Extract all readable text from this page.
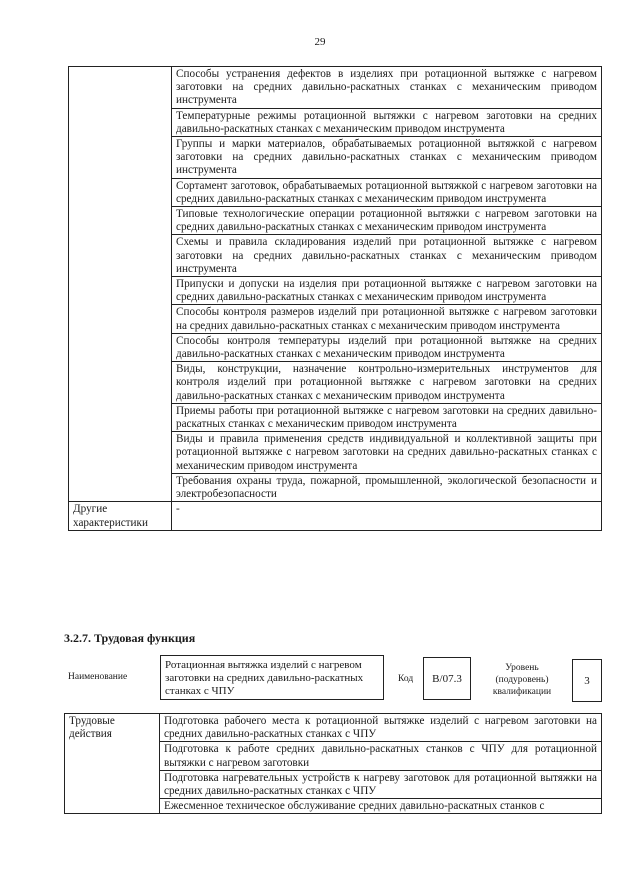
29
	Способы устранения дефектов в изделиях при ротационной вытяжке с нагревом заготовки на средних давильно-раскатных станках с механическим приводом инструмента
	Температурные режимы ротационной вытяжки с нагревом заготовки на средних давильно-раскатных станках с механическим приводом инструмента
	Группы и марки материалов, обрабатываемых ротационной вытяжкой с нагревом заготовки на средних давильно-раскатных станках с механическим приводом инструмента
	Сортамент заготовок, обрабатываемых ротационной вытяжкой с нагревом заготовки на средних давильно-раскатных станках с механическим приводом инструмента
	Типовые технологические операции ротационной вытяжки с нагревом заготовки на средних давильно-раскатных станках с механическим приводом инструмента
	Схемы и правила складирования изделий при ротационной вытяжке с нагревом заготовки на средних давильно-раскатных станках с механическим приводом инструмента
	Припуски и допуски на изделия при ротационной вытяжке с нагревом заготовки на средних давильно-раскатных станках с механическим приводом инструмента
	Способы контроля размеров изделий при ротационной вытяжке с нагревом заготовки на средних давильно-раскатных станках с механическим приводом инструмента
	Способы контроля температуры изделий при ротационной вытяжке на средних давильно-раскатных станках с механическим приводом инструмента
	Виды, конструкции, назначение контрольно-измерительных инструментов для контроля изделий при ротационной вытяжке с нагревом заготовки на средних давильно-раскатных станках с механическим приводом инструмента
	Приемы работы при ротационной вытяжке с нагревом заготовки на средних давильно-раскатных станках с механическим приводом инструмента
	Виды и правила применения средств индивидуальной и коллективной защиты при ротационной вытяжке с нагревом заготовки на средних давильно-раскатных станках с механическим приводом инструмента
	Требования охраны труда, пожарной, промышленной, экологической безопасности и электробезопасности
Другие характеристики	-
3.2.7. Трудовая функция
Наименование
Ротационная вытяжка изделий с нагревом заготовки на средних давильно-раскатных станках с ЧПУ
Код	B/07.3
Уровень (подуровень) квалификации
3
Трудовые действия	Подготовка рабочего места к ротационной вытяжке изделий с нагревом заготовки на средних давильно-раскатных станках с ЧПУ
Подготовка к работе средних давильно-раскатных станков с ЧПУ для ротационной вытяжки с нагревом заготовки
Подготовка нагревательных устройств к нагреву заготовок для ротационной вытяжки на средних давильно-раскатных станках с ЧПУ
Ежесменное техническое обслуживание средних давильно-раскатных станков с
